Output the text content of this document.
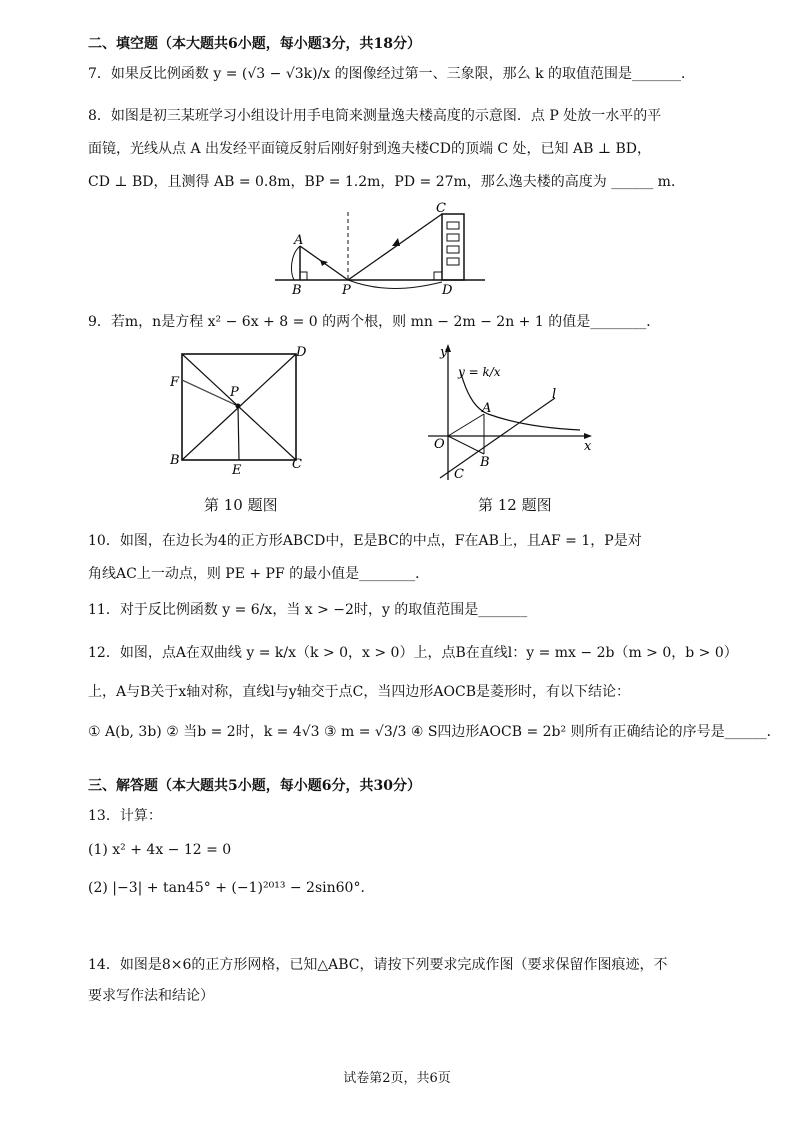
二、填空题（本大题共6小题，每小题3分，共18分）
7．如果反比例函数 y = (√3 − √3k)/x 的图像经过第一、三象限，那么 k 的取值范围是_______．
8．如图是初三某班学习小组设计用手电筒来测量逸夫楼高度的示意图．点 P 处放一水平的平
面镜，光线从点 A 出发经平面镜反射后刚好射到逸夫楼CD的顶端 C 处，已知 AB ⊥ BD，
CD ⊥ BD，且测得 AB = 0.8m，BP = 1.2m，PD = 27m，那么逸夫楼的高度为 ______ m．
A
B	P
C
D
9．若m，n是方程 x² − 6x + 8 = 0 的两个根，则 mn − 2m − 2n + 1 的值是________．
D
F
P
B
E	C
y
y = k/x
O
A
B
C
x
l
第 10 题图	第 12 题图
10．如图，在边长为4的正方形ABCD中，E是BC的中点，F在AB上，且AF = 1，P是对
角线AC上一动点，则 PE + PF 的最小值是________．
11．对于反比例函数 y = 6/x，当 x > −2时，y 的取值范围是_______
12．如图，点A在双曲线 y = k/x（k > 0，x > 0）上，点B在直线l：y = mx − 2b（m > 0，b > 0）
上，A与B关于x轴对称，直线l与y轴交于点C，当四边形AOCB是菱形时，有以下结论：
① A(b, 3b) ② 当b = 2时，k = 4√3 ③ m = √3/3 ④ S四边形AOCB = 2b² 则所有正确结论的序号是______．
三、解答题（本大题共5小题，每小题6分，共30分）
13．计算：
(1) x² + 4x − 12 = 0
(2) |−3| + tan45° + (−1)²⁰¹³ − 2sin60°．
14．如图是8×6的正方形网格，已知△ABC，请按下列要求完成作图（要求保留作图痕迹，不
要求写作法和结论）
试卷第2页，共6页
